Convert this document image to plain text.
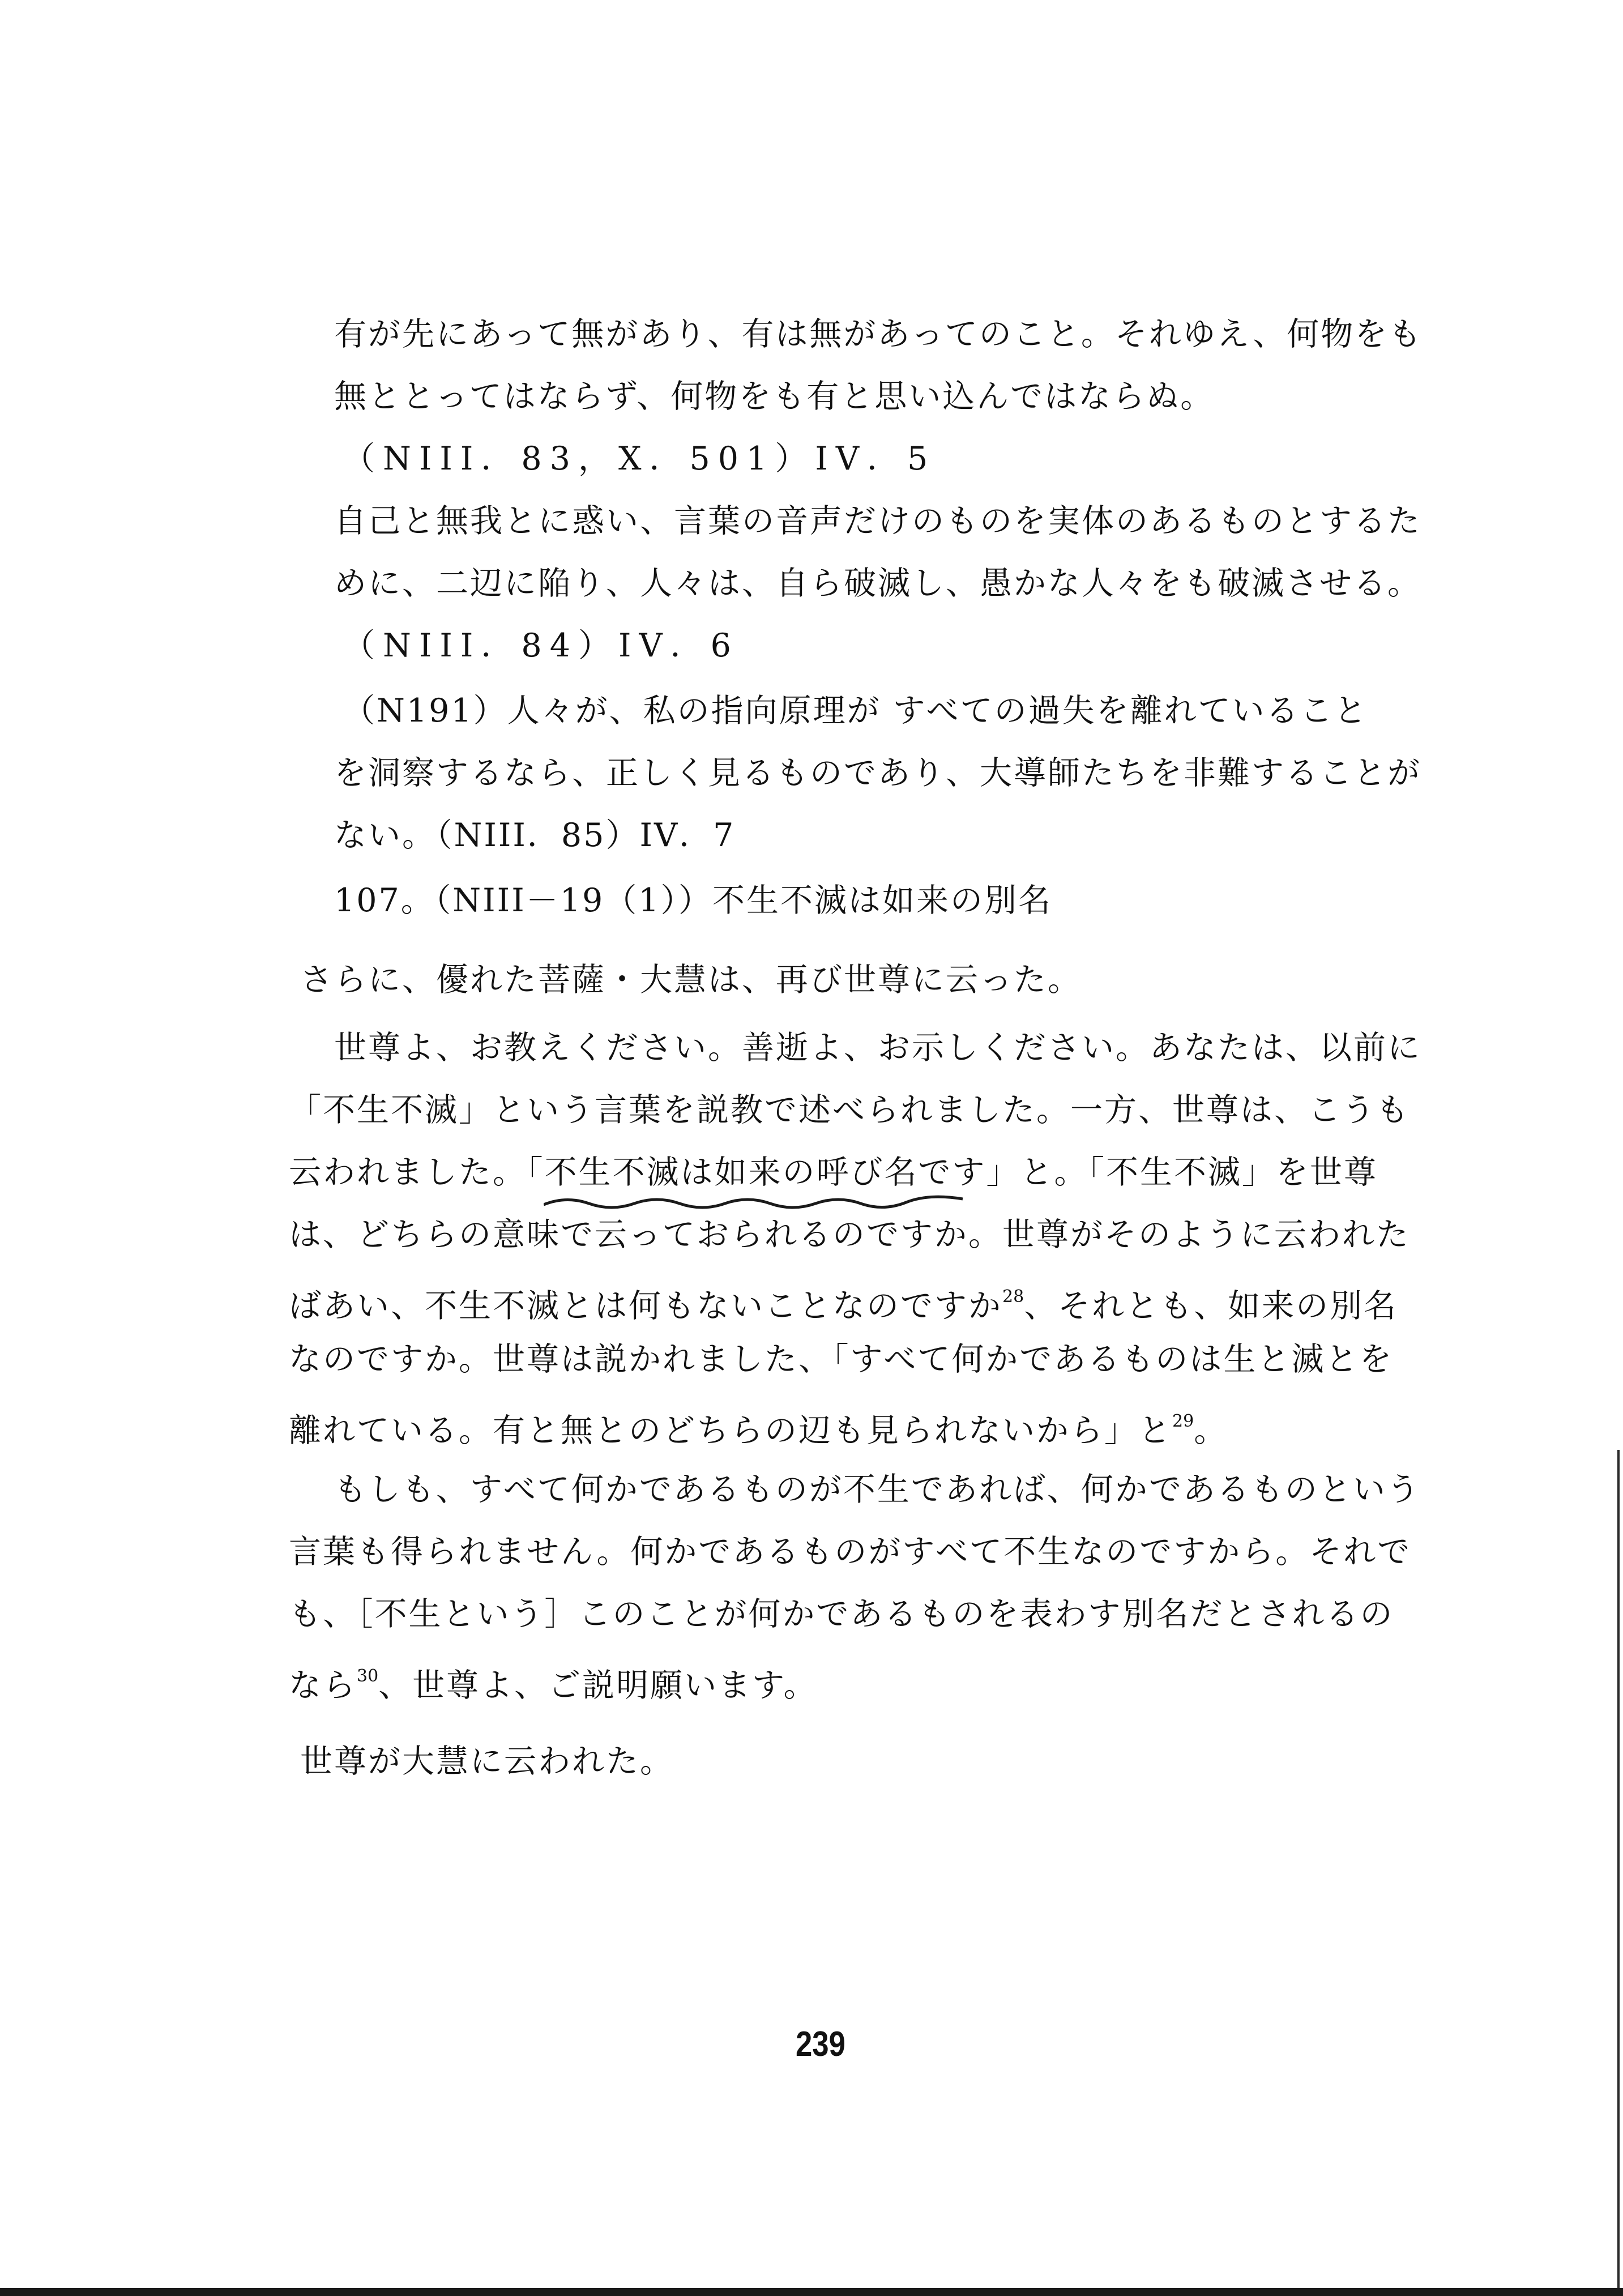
有が先にあって無があり、有は無があってのこと。それゆえ、何物をも
無ととってはならず、何物をも有と思い込んではならぬ。
（NIII．83，X．501）IV．5
自己と無我とに惑い、言葉の音声だけのものを実体のあるものとするた
めに、二辺に陥り、人々は、自ら破滅し、愚かな人々をも破滅させる。
（NIII．84）IV．6
（N191）人々が、私の指向原理が すべての過失を離れていること
を洞察するなら、正しく見るものであり、大導師たちを非難することが
ない。（NIII．85）IV．7
107。（NIII－19（1））不生不滅は如来の別名
さらに、優れた菩薩・大慧は、再び世尊に云った。
世尊よ、お教えください。善逝よ、お示しください。あなたは、以前に
「不生不滅」という言葉を説教で述べられました。一方、世尊は、こうも
云われました。「不生不滅は如来の呼び名です」
と。「不生不滅」を世尊
は、どちらの意味で云っておられるのですか。世尊がそのように云われた
ばあい、不生不滅とは何もないことなのですか$^{28}$、それとも、如来の別名
なのですか。世尊は説かれました、「すべて何かであるものは生と滅とを
離れている。有と無とのどちらの辺も見られないから」と$^{29}$。
もしも、すべて何かであるものが不生であれば、何かであるものという
言葉も得られません。何かであるものがすべて不生なのですから。それで
も、［不生という］このことが何かであるものを表わす別名だとされるの
なら$^{30}$、世尊よ、ご説明願います。
世尊が大慧に云われた。
239
